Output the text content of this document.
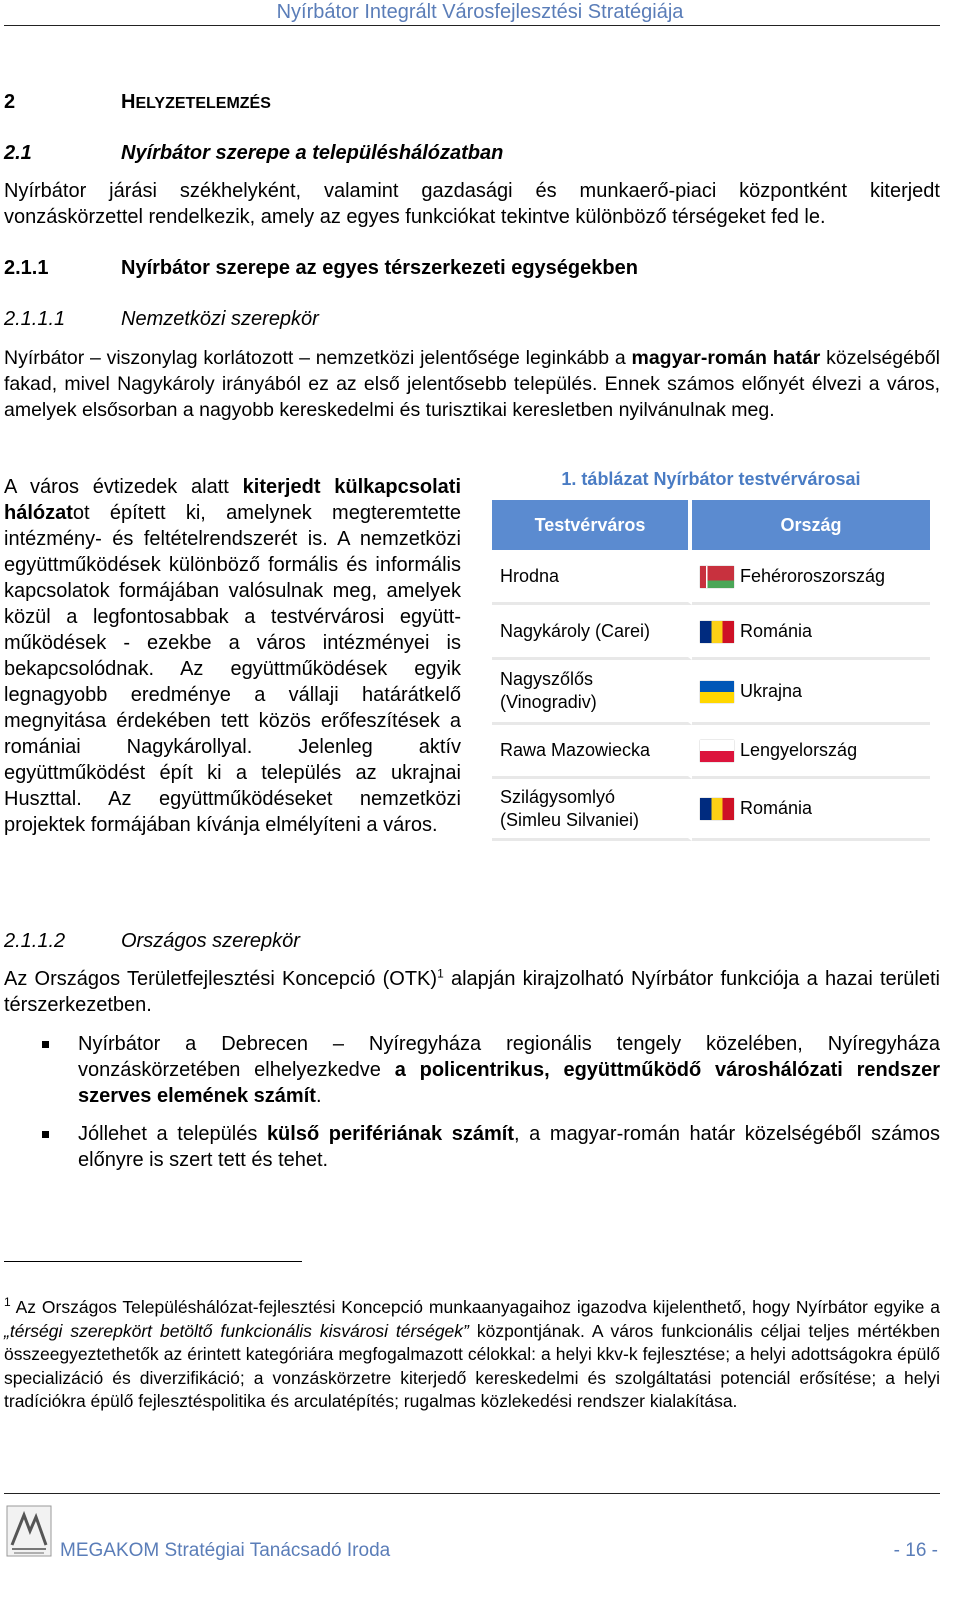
Nyírbátor Integrált Városfejlesztési Stratégiája
2	HELYZETELEMZÉS
2.1	Nyírbátor szerepe a településhálózatban
Nyírbátor járási székhelyként, valamint gazdasági és munkaerő-piaci központként kiterjedt vonzáskörzettel rendelkezik, amely az egyes funkciókat tekintve különböző térségeket fed le.
2.1.1	Nyírbátor szerepe az egyes térszerkezeti egységekben
2.1.1.1	Nemzetközi szerepkör
Nyírbátor – viszonylag korlátozott – nemzetközi jelentősége leginkább a magyar-román határ közelségéből fakad, mivel Nagykároly irányából ez az első jelentősebb település. Ennek számos előnyét élvezi a város, amelyek elsősorban a nagyobb kereskedelmi és turisztikai keresletben nyilvánulnak meg.
A város évtizedek alatt kiterjedt külkapcsolati hálózatot épített ki, amelynek megteremtette intézmény- és feltételrendszerét is. A nemzetközi együttműködések különböző formális és informális kapcsolatok formájában valósulnak meg, amelyek közül a legfontosabbak a testvérvárosi együttműködések - ezekbe a város intézményei is bekapcsolódnak. Az együttműködések egyik legnagyobb eredménye a vállaji határátkelő megnyitása érdekében tett közös erőfeszítések a romániai Nagykárollyal. Jelenleg aktív együttműködést épít ki a település az ukrajnai Huszttal. Az együttműködéseket nemzetközi projektek formájában kívánja elmélyíteni a város.
1. táblázat Nyírbátor testvérvárosai
Testvérváros	Ország
Hrodna	Fehéroroszország
Nagykároly (Carei)	Románia
Nagyszőlős (Vinogradiv)	Ukrajna
Rawa Mazowiecka	Lengyelország
Szilágysomlyó (Simleu Silvaniei)	Románia
2.1.1.2	Országos szerepkör
Az Országos Területfejlesztési Koncepció (OTK)$^1$ alapján kirajzolható Nyírbátor funkciója a hazai területi térszerkezetben.
Nyírbátor a Debrecen – Nyíregyháza regionális tengely közelében, Nyíregyháza vonzáskörzetében elhelyezkedve a policentrikus, együttműködő városhálózati rendszer szerves elemének számít.
Jóllehet a település külső perifériának számít, a magyar-román határ közelségéből számos előnyre is szert tett és tehet.
$^1$ Az Országos Településhálózat-fejlesztési Koncepció munkaanyagaihoz igazodva kijelenthető, hogy Nyírbátor egyike a „térségi szerepkört betöltő funkcionális kisvárosi térségek” központjának. A város funkcionális céljai teljes mértékben összeegyeztethetők az érintett kategóriára megfogalmazott célokkal: a helyi kkv-k fejlesztése; a helyi adottságokra épülő specializáció és diverzifikáció; a vonzáskörzetre kiterjedő kereskedelmi és szolgáltatási potenciál erősítése; a helyi tradíciókra épülő fejlesztéspolitika és arculatépítés; rugalmas közlekedési rendszer kialakítása.
MEGAKOM Stratégiai Tanácsadó Iroda	- 16 -
